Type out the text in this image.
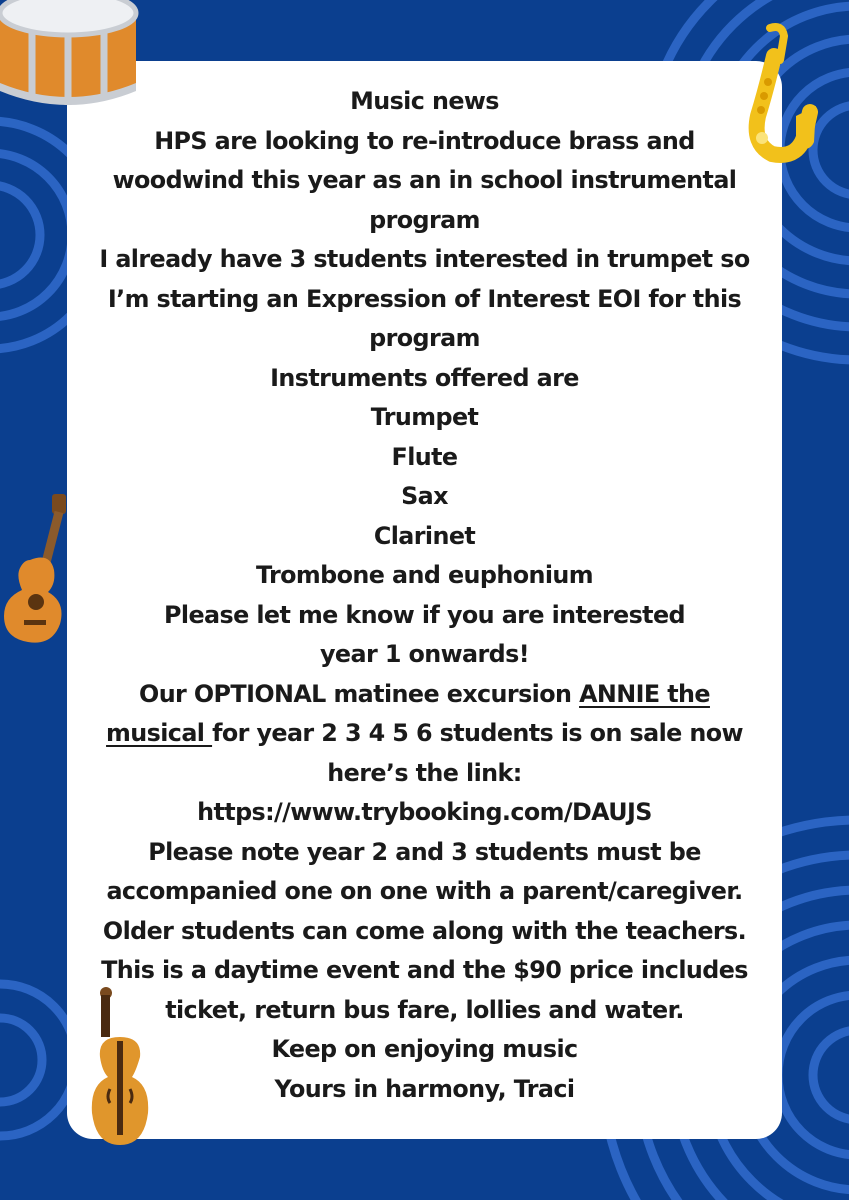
Music news
HPS are looking to re-introduce brass and
woodwind this year as an in school instrumental
program
I already have 3 students interested in trumpet so
I’m starting an Expression of Interest EOI for this
program
Instruments offered are
Trumpet
Flute
Sax
Clarinet
Trombone and euphonium
Please let me know if you are interested
year 1 onwards!
Our OPTIONAL matinee excursion ANNIE the
musical for year 2 3 4 5 6 students is on sale now
here’s the link:
https://www.trybooking.com/DAUJS
Please note year 2 and 3 students must be
accompanied one on one with a parent/caregiver.
Older students can come along with the teachers.
This is a daytime event and the $90 price includes
ticket, return bus fare, lollies and water.
Keep on enjoying music
Yours in harmony, Traci
